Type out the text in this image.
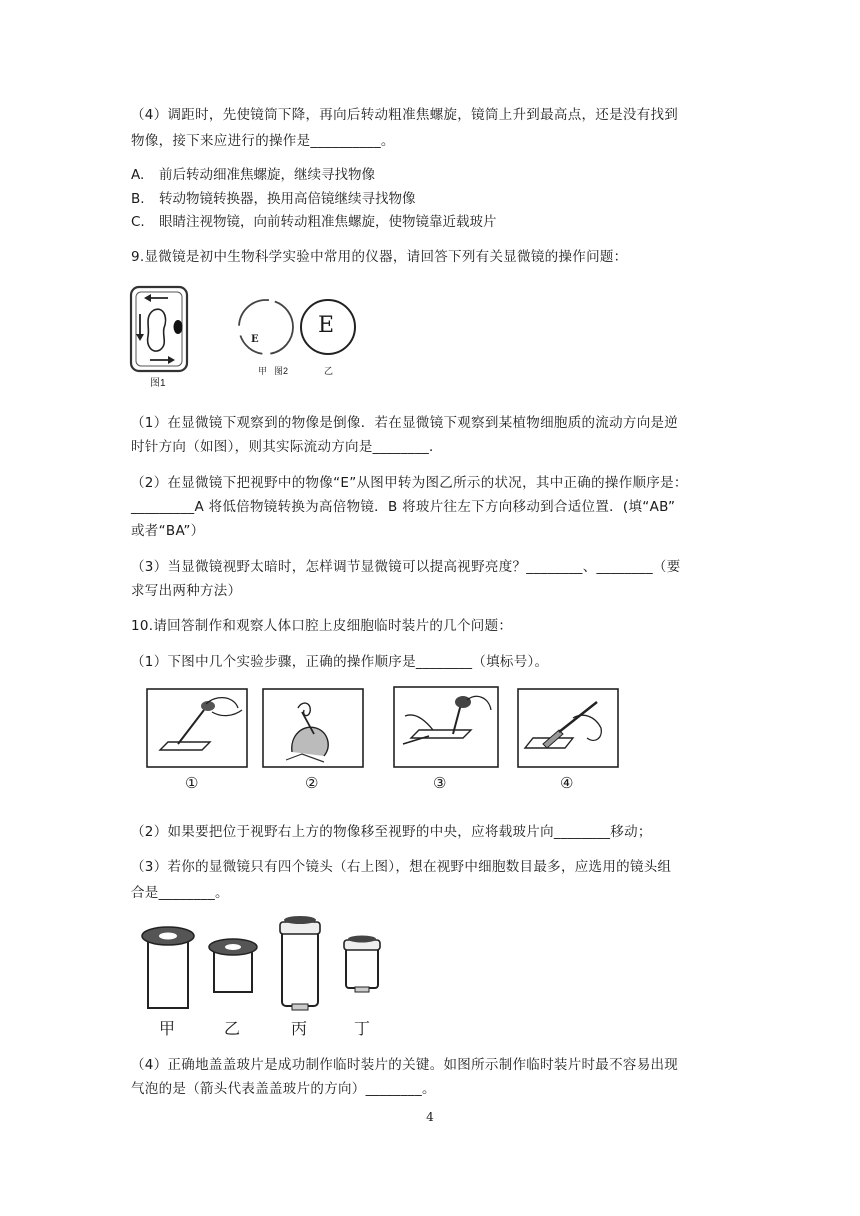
（4）调距时，先使镜筒下降，再向后转动粗准焦螺旋，镜筒上升到最高点，还是没有找到
物像，接下来应进行的操作是__________。
A. 前后转动细准焦螺旋，继续寻找物像
B. 转动物镜转换器，换用高倍镜继续寻找物像
C. 眼睛注视物镜，向前转动粗准焦螺旋，使物镜靠近载玻片
9.显微镜是初中生物科学实验中常用的仪器，请回答下列有关显微镜的操作问题：
图1
E
E
甲 图2	乙
（1）在显微镜下观察到的物像是倒像．若在显微镜下观察到某植物细胞质的流动方向是逆
时针方向（如图），则其实际流动方向是________．
（2）在显微镜下把视野中的物像“E”从图甲转为图乙所示的状况，其中正确的操作顺序是：
_________A 将低倍物镜转换为高倍物镜．B 将玻片往左下方向移动到合适位置．(填“AB”
或者“BA”）
（3）当显微镜视野太暗时，怎样调节显微镜可以提高视野亮度？________、________（要
求写出两种方法）
10.请回答制作和观察人体口腔上皮细胞临时装片的几个问题：
（1）下图中几个实验步骤，正确的操作顺序是________（填标号）。
①	②	③	④
（2）如果要把位于视野右上方的物像移至视野的中央，应将载玻片向________移动；
（3）若你的显微镜只有四个镜头（右上图），想在视野中细胞数目最多，应选用的镜头组
合是________。
甲	乙	丙	丁
（4）正确地盖盖玻片是成功制作临时装片的关键。如图所示制作临时装片时最不容易出现
气泡的是（箭头代表盖盖玻片的方向）________。
4
